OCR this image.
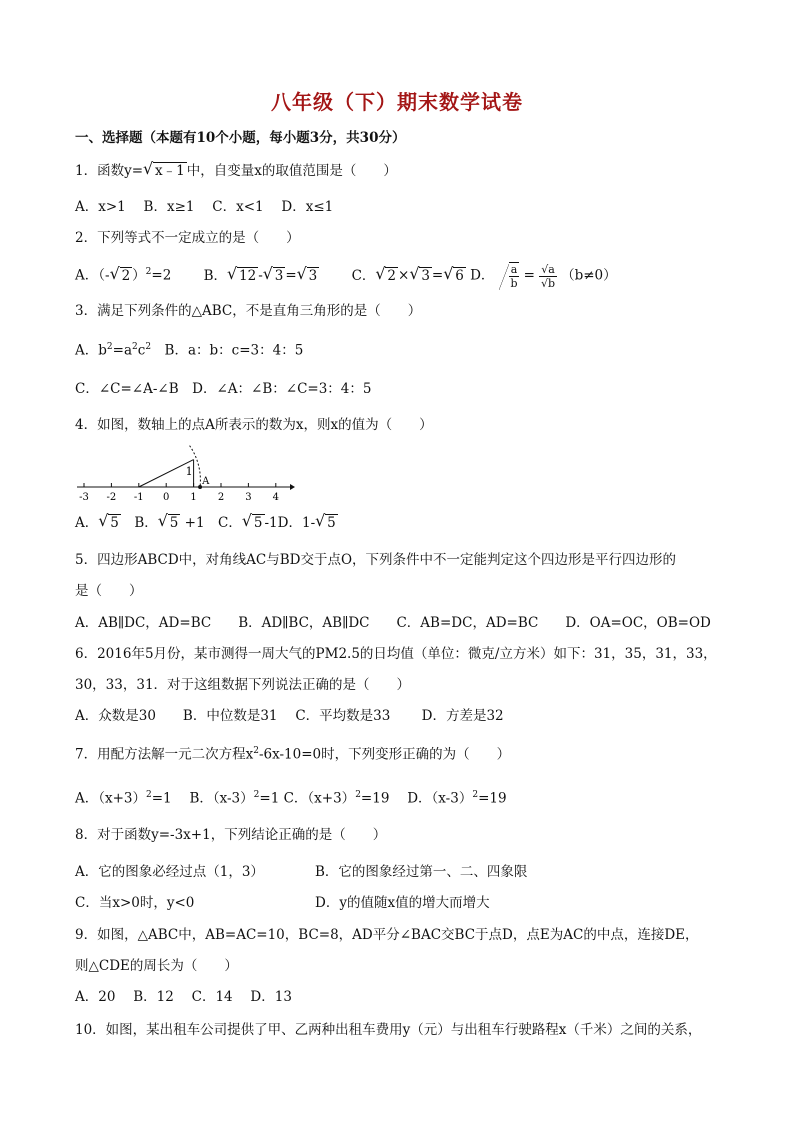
八年级（下）期末数学试卷
一、选择题（本题有10个小题，每小题3分，共30分）
1．函数y= √ x﹣1 中，自变量x的取值范围是（　　）
A．x>1　 B．x≥1　 C．x<1　 D．x≤1
2．下列等式不一定成立的是（　　）
A．（- √ 2 ）$^2$=2 B． √ 12 - √ 3 = √ 3	C． √ 2 × √ 3 = √ 6 D． $\frac{a}{b} = \frac{√a}{√b} (b\ne 0)$
3．满足下列条件的△ABC，不是直角三角形的是（　　）
A．$b^2=a^2c^2$　B．a：b：c=3：4：5
C．∠C=∠A-∠B　D．∠A：∠B：∠C=3：4：5
4．如图，数轴上的点A所表示的数为x，则x的值为（　　）
-3 -2 -1 0 1 2 3 4
1
A
A． √ 5　B． √ 5 +1　C． √ 5 -1D．1- √ 5
5．四边形ABCD中，对角线AC与BD交于点O，下列条件中不一定能判定这个四边形是平行四边形的
是（　　）
A．AB∥DC，AD=BC　　B．AD∥BC，AB∥DC　　C．AB=DC，AD=BC　　D．OA=OC，OB=OD
6．2016年5月份，某市测得一周大气的PM2.5的日均值（单位：微克/立方米）如下：31，35，31，33，
30，33，31．对于这组数据下列说法正确的是（　　）
A．众数是30　　B．中位数是31　 C．平均数是33　　 D．方差是32
7．用配方法解一元二次方程$x^2-6x-10=0$时，下列变形正确的为（　　）
A．$(x+3)^2=1$　 B．$(x-3)^2=1$ C．$(x+3)^2=19$　 D．$(x-3)^2=19$
8．对于函数y=-3x+1，下列结论正确的是（　　）
A．它的图象必经过点（1，3）	B．它的图象经过第一、二、四象限
C．当x>0时，y<0	D．y的值随x值的增大而增大
9．如图，△ABC中，AB=AC=10，BC=8，AD平分∠BAC交BC于点D，点E为AC的中点，连接DE，
则△CDE的周长为（　　）
A．20　 B．12　 C．14　 D．13
10．如图，某出租车公司提供了甲、乙两种出租车费用y（元）与出租车行驶路程x（千米）之间的关系，
